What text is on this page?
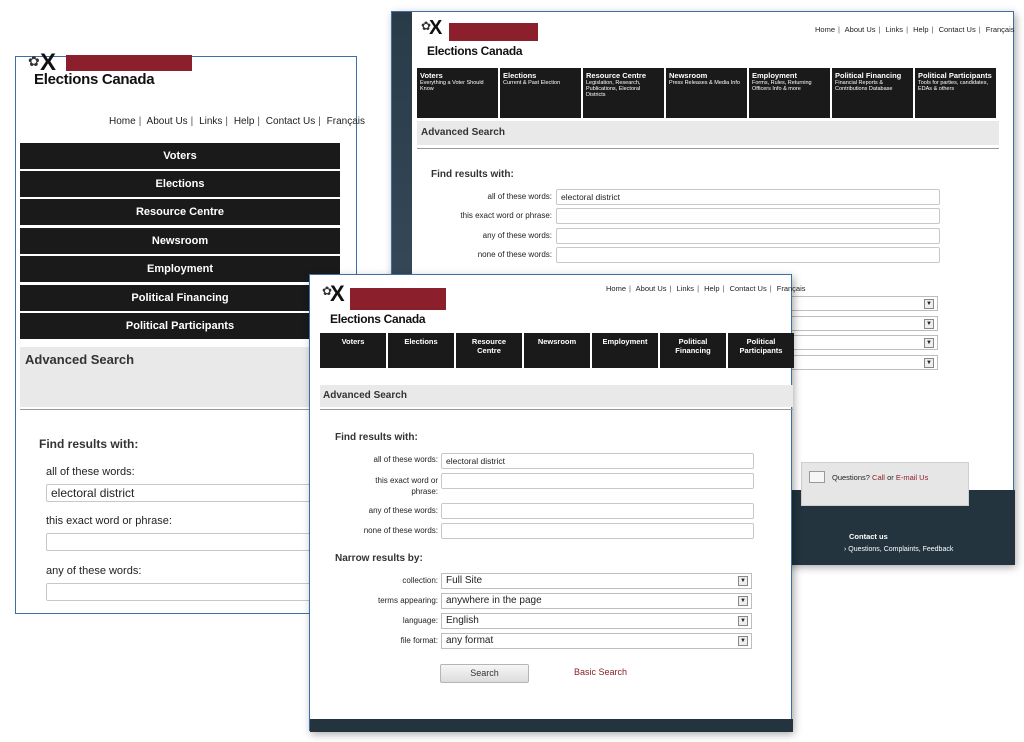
✿ X
Elections Canada
Home | About Us | Links | Help | Contact Us | Français
Voters
Elections
Resource Centre
Newsroom
Employment
Political Financing
Political Participants
Advanced Search
Find results with:
all of these words:
electoral district
this exact word or phrase:
any of these words:
✿
X
Elections Canada
Home | About Us | Links | Help | Contact Us | Français
Voters
Everything a Voter Should Know
Elections
Current & Past Election
Resource Centre
Legislation, Research, Publications, Electoral Districts
Newsroom
Press Releases & Media Info
Employment
Forms, Rules, Returning Officers Info & more
Political Financing
Financial Reports & Contributions Database
Political Participants
Tools for parties, candidates, EDAs & others
Advanced Search
Find results with:
all of these words:	electoral district
this exact word or phrase:
any of these words:
none of these words:
▼
▼
▼
▼
Questions? Call or E-mail Us
Contact us
› Questions, Complaints, Feedback
✿
X
Elections Canada
Home | About Us | Links | Help | Contact Us | Français
Voters	Elections	Resource Centre
Newsroom	Employment	Political Financing
Political Participants
Advanced Search
Find results with:
all of these words: electoral district
this exact word or phrase:
any of these words:
none of these words:
Narrow results by:
collection: Full Site	▼
terms appearing: anywhere in the page	▼
language: English	▼
file format: any format	▼
Search	Basic Search
